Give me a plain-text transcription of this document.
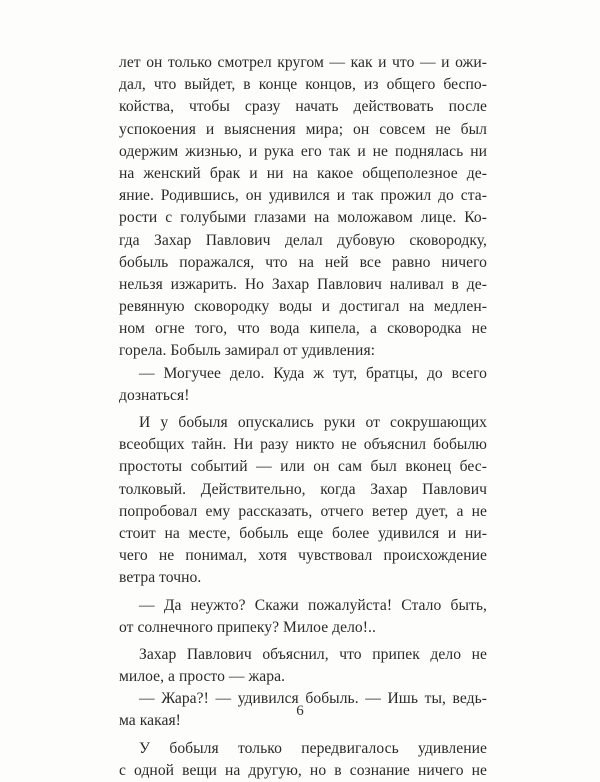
лет он только смотрел кругом — как и что — и ожи-
дал, что выйдет, в конце концов, из общего беспо-
койства, чтобы сразу начать действовать после
успокоения и выяснения мира; он совсем не был
одержим жизнью, и рука его так и не поднялась ни
на женский брак и ни на какое общеполезное де-
яние. Родившись, он удивился и так прожил до ста-
рости с голубыми глазами на моложавом лице. Ко-
гда Захар Павлович делал дубовую сковородку,
бобыль поражался, что на ней все равно ничего
нельзя изжарить. Но Захар Павлович наливал в де-
ревянную сковородку воды и достигал на медлен-
ном огне того, что вода кипела, а сковородка не
горела. Бобыль замирал от удивления:
— Могучее дело. Куда ж тут, братцы, до всего
дознаться!
И у бобыля опускались руки от сокрушающих
всеобщих тайн. Ни разу никто не объяснил бобылю
простоты событий — или он сам был вконец бес-
толковый. Действительно, когда Захар Павлович
попробовал ему рассказать, отчего ветер дует, а не
стоит на месте, бобыль еще более удивился и ни-
чего не понимал, хотя чувствовал происхождение
ветра точно.
— Да неужто? Скажи пожалуйста! Стало быть,
от солнечного припеку? Милое дело!..
Захар Павлович объяснил, что припек дело не
милое, а просто — жара.
— Жара?! — удивился бобыль. — Ишь ты, ведь-
ма какая!
У бобыля только передвигалось удивление
с одной вещи на другую, но в сознание ничего не
6
